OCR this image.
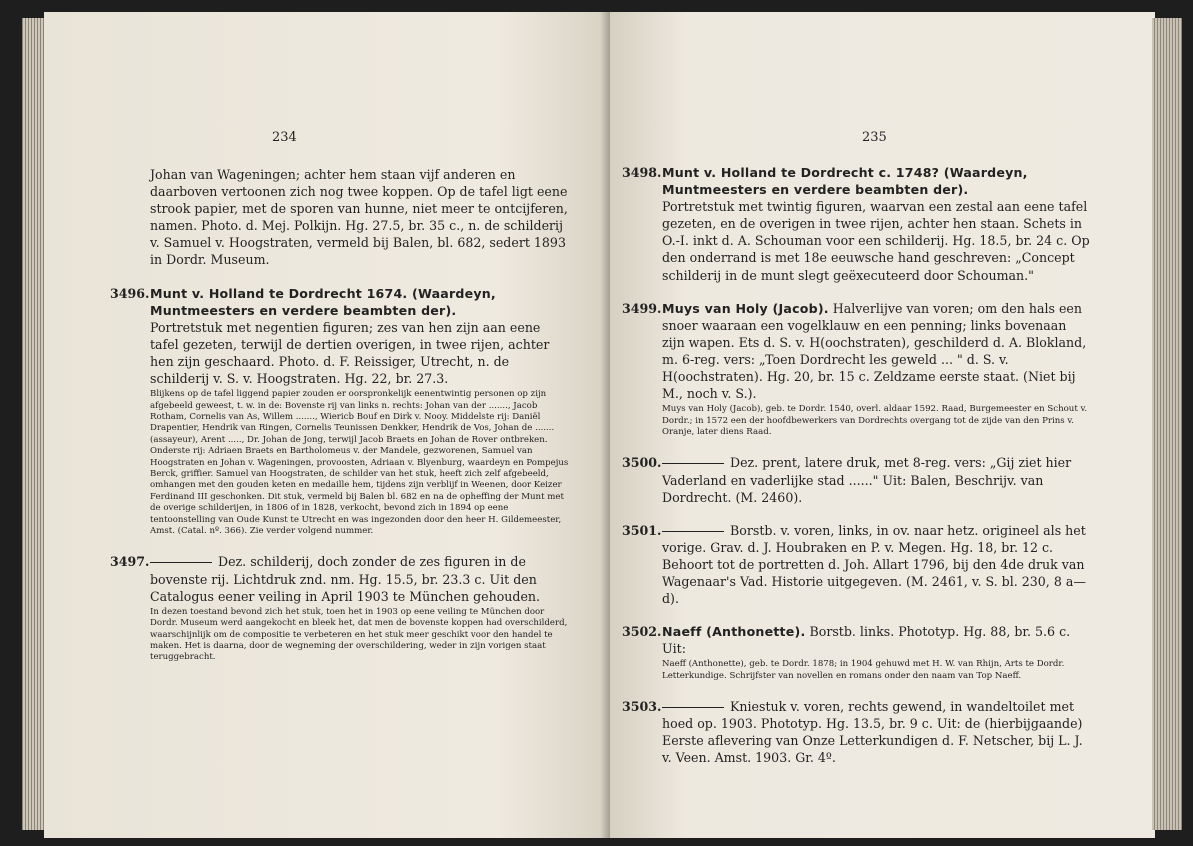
234

Johan van Wageningen; achter hem staan vijf anderen en daarboven vertoonen zich nog twee koppen. Op de tafel ligt eene strook papier, met de sporen van hunne, niet meer te ontcijferen, namen. Photo. d. Mej. Polkijn. Hg. 27.5, br. 35 c., n. de schilderij v. Samuel v. Hoogstraten, vermeld bij Balen, bl. 682, sedert 1893 in Dordr. Museum.

3496. Munt v. Holland te Dordrecht 1674. (Waardeyn, Muntmeesters en verdere beambten der).

Portretstuk met negentien figuren; zes van hen zijn aan eene tafel gezeten, terwijl de dertien overigen, in twee rijen, achter hen zijn geschaard. Photo. d. F. Reissiger, Utrecht, n. de schilderij v. S. v. Hoogstraten. Hg. 22, br. 27.3.

Blijkens op de tafel liggend papier zouden er oorspronkelijk eenentwintig personen op zijn afgebeeld geweest, t. w. in de: Bovenste rij van links n. rechts: Johan van der ......., Jacob Rotham, Cornelis van As, Willem ......., Wiericb Bouf en Dirk v. Nooy. Middelste rij: Daniël Drapentier, Hendrik van Ringen, Cornelis Teunissen Denkker, Hendrik de Vos, Johan de ....... (assayeur), Arent ....., Dr. Johan de Jong, terwijl Jacob Braets en Johan de Rover ontbreken. Onderste rij: Adriaen Braets en Bartholomeus v. der Mandele, gezworenen, Samuel van Hoogstraten en Johan v. Wageningen, provoosten, Adriaan v. Blyenburg, waardeyn en Pompejus Berck, griffier. Samuel van Hoogstraten, de schilder van het stuk, heeft zich zelf afgebeeld, omhangen met den gouden keten en medaille hem, tijdens zijn verblijf in Weenen, door Keizer Ferdinand III geschonken. Dit stuk, vermeld bij Balen bl. 682 en na de opheffing der Munt met de overige schilderijen, in 1806 of in 1828, verkocht, bevond zich in 1894 op eene tentoonstelling van Oude Kunst te Utrecht en was ingezonden door den heer H. Gildemeester, Amst. (Catal. nº. 366). Zie verder volgend nummer.

3497.	Dez. schilderij, doch zonder de zes figuren in de bovenste rij. Lichtdruk znd. nm. Hg. 15.5, br. 23.3 c. Uit den Catalogus eener veiling in April 1903 te München gehouden.

In dezen toestand bevond zich het stuk, toen het in 1903 op eene veiling te München door Dordr. Museum werd aangekocht en bleek het, dat men de bovenste koppen had overschilderd, waarschijnlijk om de compositie te verbeteren en het stuk meer geschikt voor den handel te maken. Het is daarna, door de wegneming der overschildering, weder in zijn vorigen staat teruggebracht.

235
3498. Munt v. Holland te Dordrecht c. 1748? (Waardeyn, Muntmeesters en verdere beambten der).

Portretstuk met twintig figuren, waarvan een zestal aan eene tafel gezeten, en de overigen in twee rijen, achter hen staan. Schets in O.-I. inkt d. A. Schouman voor een schilderij. Hg. 18.5, br. 24 c. Op den onderrand is met 18e eeuwsche hand geschreven: „Concept schilderij in de munt slegt geëxecuteerd door Schouman."

3499. Muys van Holy (Jacob). Halverlijve van voren; om den hals een snoer waaraan een vogelklauw en een penning; links bovenaan zijn wapen. Ets d. S. v. H(oochstraten), geschilderd d. A. Blokland, m. 6-reg. vers: „Toen Dordrecht les geweld ... " d. S. v. H(oochstraten). Hg. 20, br. 15 c. Zeldzame eerste staat. (Niet bij M., noch v. S.).

Muys van Holy (Jacob), geb. te Dordr. 1540, overl. aldaar 1592. Raad, Burgemeester en Schout v. Dordr.; in 1572 een der hoofdbewerkers van Dordrechts overgang tot de zijde van den Prins v. Oranje, later diens Raad.

3500.	Dez. prent, latere druk, met 8-reg. vers: „Gij ziet hier Vaderland en vaderlijke stad ......" Uit: Balen, Beschrijv. van Dordrecht. (M. 2460).

3501.	Borstb. v. voren, links, in ov. naar hetz. origineel als het vorige. Grav. d. J. Houbraken en P. v. Megen. Hg. 18, br. 12 c. Behoort tot de portretten d. Joh. Allart 1796, bij den 4de druk van Wagenaar's Vad. Historie uitgegeven. (M. 2461, v. S. bl. 230, 8 a—d).

3502. Naeff (Anthonette). Borstb. links. Phototyp. Hg. 88, br. 5.6 c. Uit:

Naeff (Anthonette), geb. te Dordr. 1878; in 1904 gehuwd met H. W. van Rhijn, Arts te Dordr. Letterkundige. Schrijfster van novellen en romans onder den naam van Top Naeff.

3503.	Kniestuk v. voren, rechts gewend, in wandeltoilet met hoed op. 1903. Phototyp. Hg. 13.5, br. 9 c. Uit: de (hierbijgaande) Eerste aflevering van Onze Letterkundigen d. F. Netscher, bij L. J. v. Veen. Amst. 1903. Gr. 4º.
